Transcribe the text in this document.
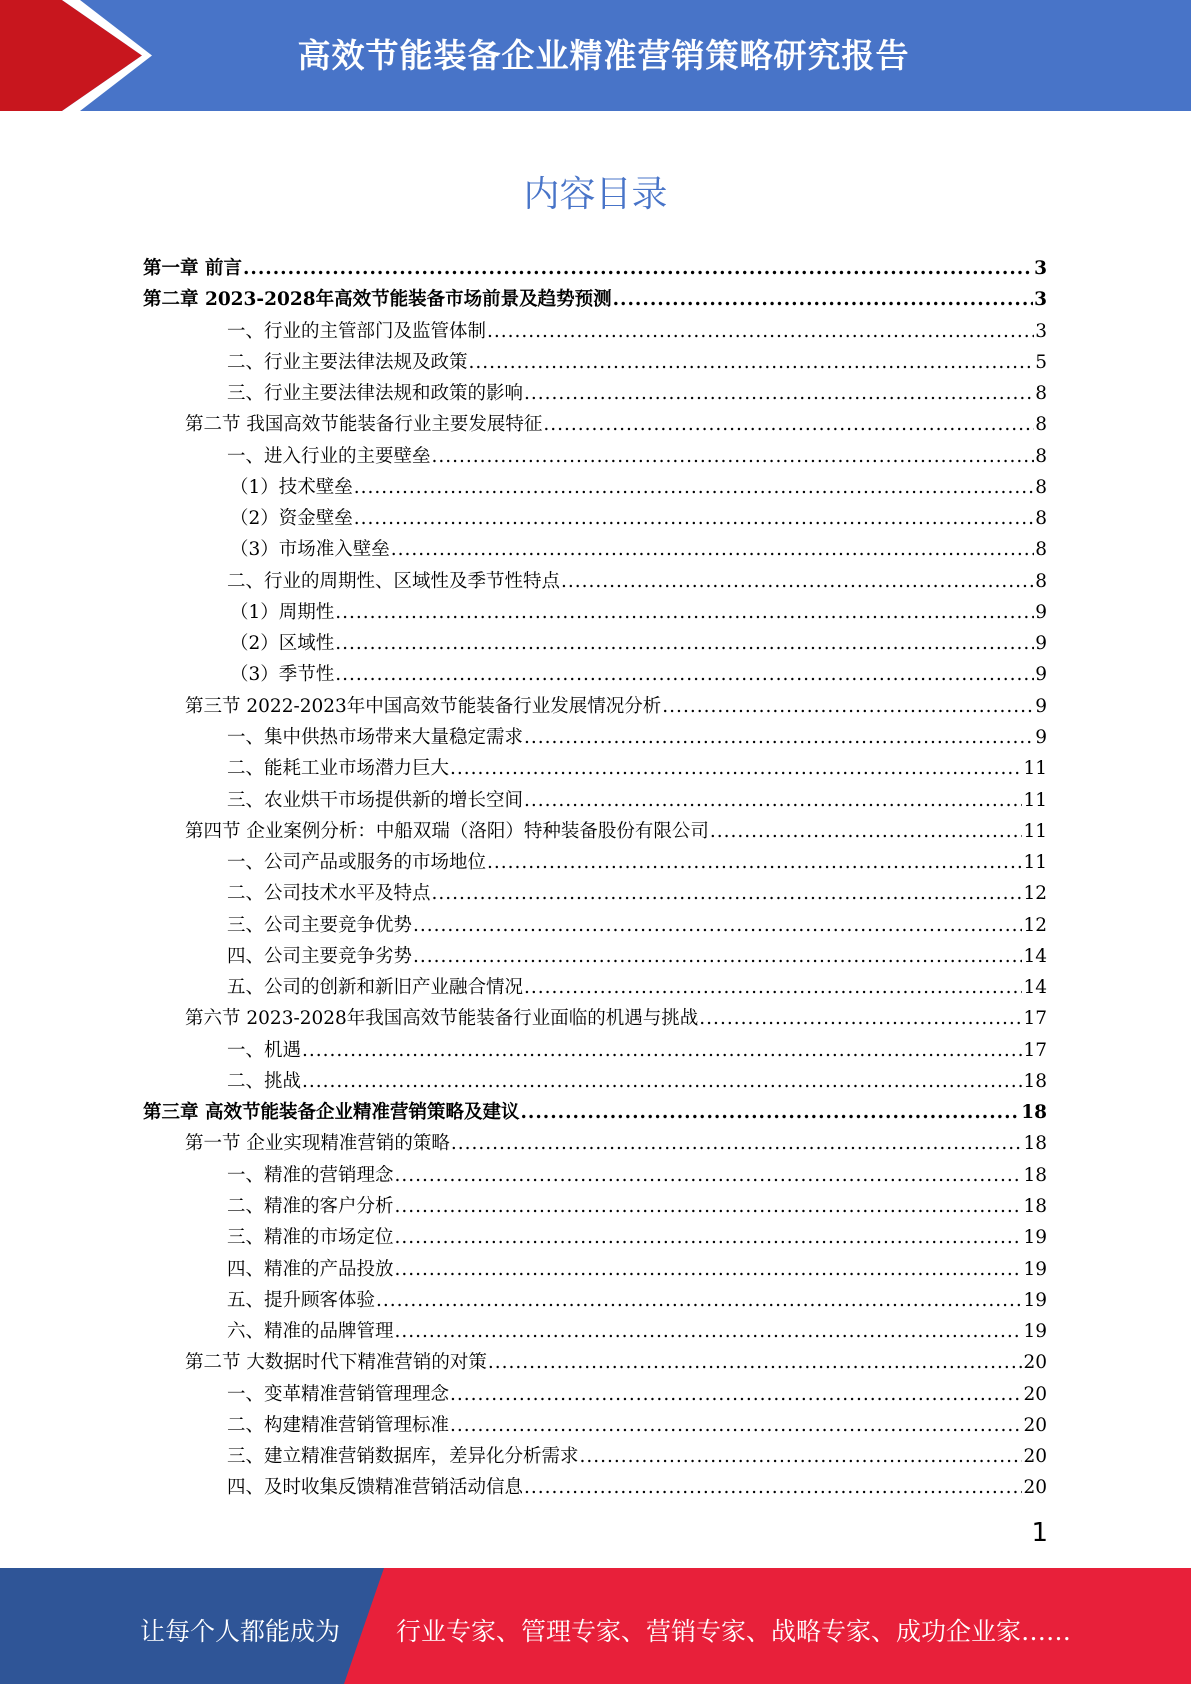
高效节能装备企业精准营销策略研究报告
内容目录
第一章 前言 .....	3
第二章 2023-2028年高效节能装备市场前景及趋势预测 .....	3
一、行业的主管部门及监管体制 .....	3
二、行业主要法律法规及政策 .....	5
三、行业主要法律法规和政策的影响 .....	8
第二节 我国高效节能装备行业主要发展特征 .....	8
一、进入行业的主要壁垒 .....	8
（1）技术壁垒 .....	8
（2）资金壁垒 .....	8
（3）市场准入壁垒 .....	8
二、行业的周期性、区域性及季节性特点 .....	8
（1）周期性 .....	9
（2）区域性 .....	9
（3）季节性 .....	9
第三节 2022-2023年中国高效节能装备行业发展情况分析 .....	9
一、集中供热市场带来大量稳定需求 .....	9
二、能耗工业市场潜力巨大 .....	11
三、农业烘干市场提供新的增长空间 .....	11
第四节 企业案例分析：中船双瑞（洛阳）特种装备股份有限公司 .....	11
一、公司产品或服务的市场地位 .....	11
二、公司技术水平及特点 .....	12
三、公司主要竞争优势 .....	12
四、公司主要竞争劣势 .....	14
五、公司的创新和新旧产业融合情况 .....	14
第六节 2023-2028年我国高效节能装备行业面临的机遇与挑战 .....	17
一、机遇 .....	17
二、挑战 .....	18
第三章 高效节能装备企业精准营销策略及建议 .....	18
第一节 企业实现精准营销的策略 .....	18
一、精准的营销理念 .....	18
二、精准的客户分析 .....	18
三、精准的市场定位 .....	19
四、精准的产品投放 .....	19
五、提升顾客体验 .....	19
六、精准的品牌管理 .....	19
第二节 大数据时代下精准营销的对策 .....	20
一、变革精准营销管理理念 .....	20
二、构建精准营销管理标准 .....	20
三、建立精准营销数据库，差异化分析需求 .....	20
四、及时收集反馈精准营销活动信息 .....	20
1
让每个人都能成为 行业专家、管理专家、营销专家、战略专家、成功企业家……
